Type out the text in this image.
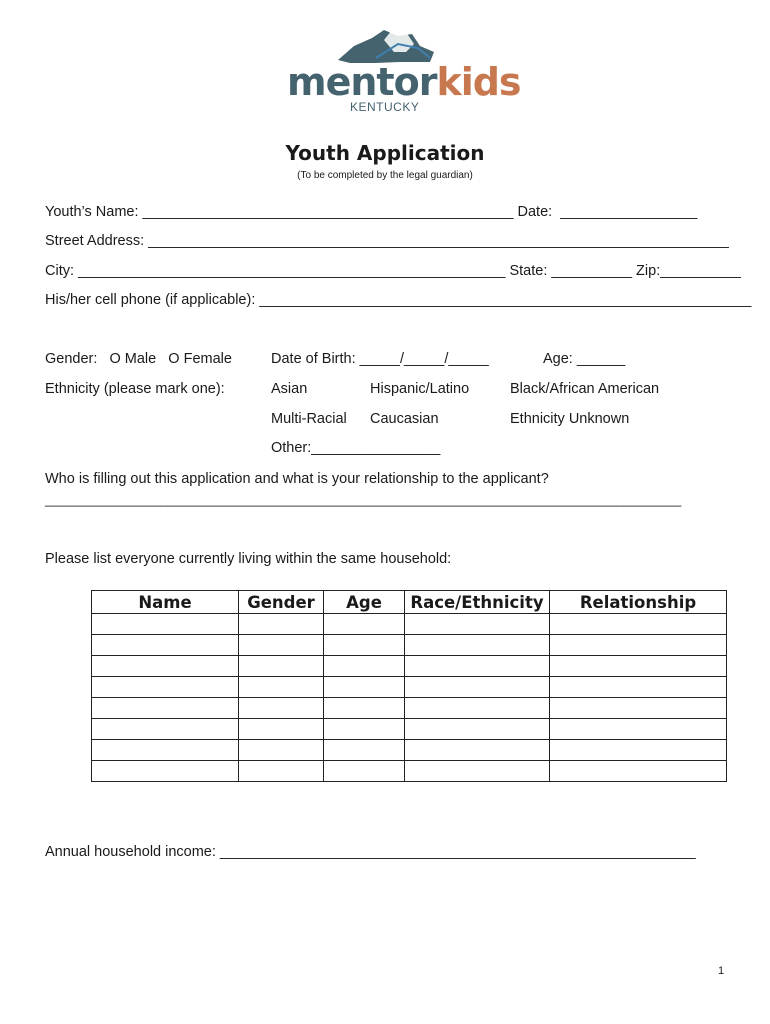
mentorkids
KENTUCKY
Youth Application
(To be completed by the legal guardian)
Youth’s Name: ______________________________________________ Date:  _________________
Street Address: ________________________________________________________________________
City: _____________________________________________________ State: __________ Zip:__________
His/her cell phone (if applicable): _____________________________________________________________
Gender:   O Male   O Female	Date of Birth: _____/_____/_____	Age: ______
Ethnicity (please mark one):	Asian	Hispanic/Latino	Black/African American
Multi-Racial Caucasian	Ethnicity Unknown
Other:________________
Who is filling out this application and what is your relationship to the applicant?
________________________________________________________________________________________
Please list everyone currently living within the same household:
Name	Gender	Age	Race/Ethnicity	Relationship

Annual household income: ___________________________________________________________
1
